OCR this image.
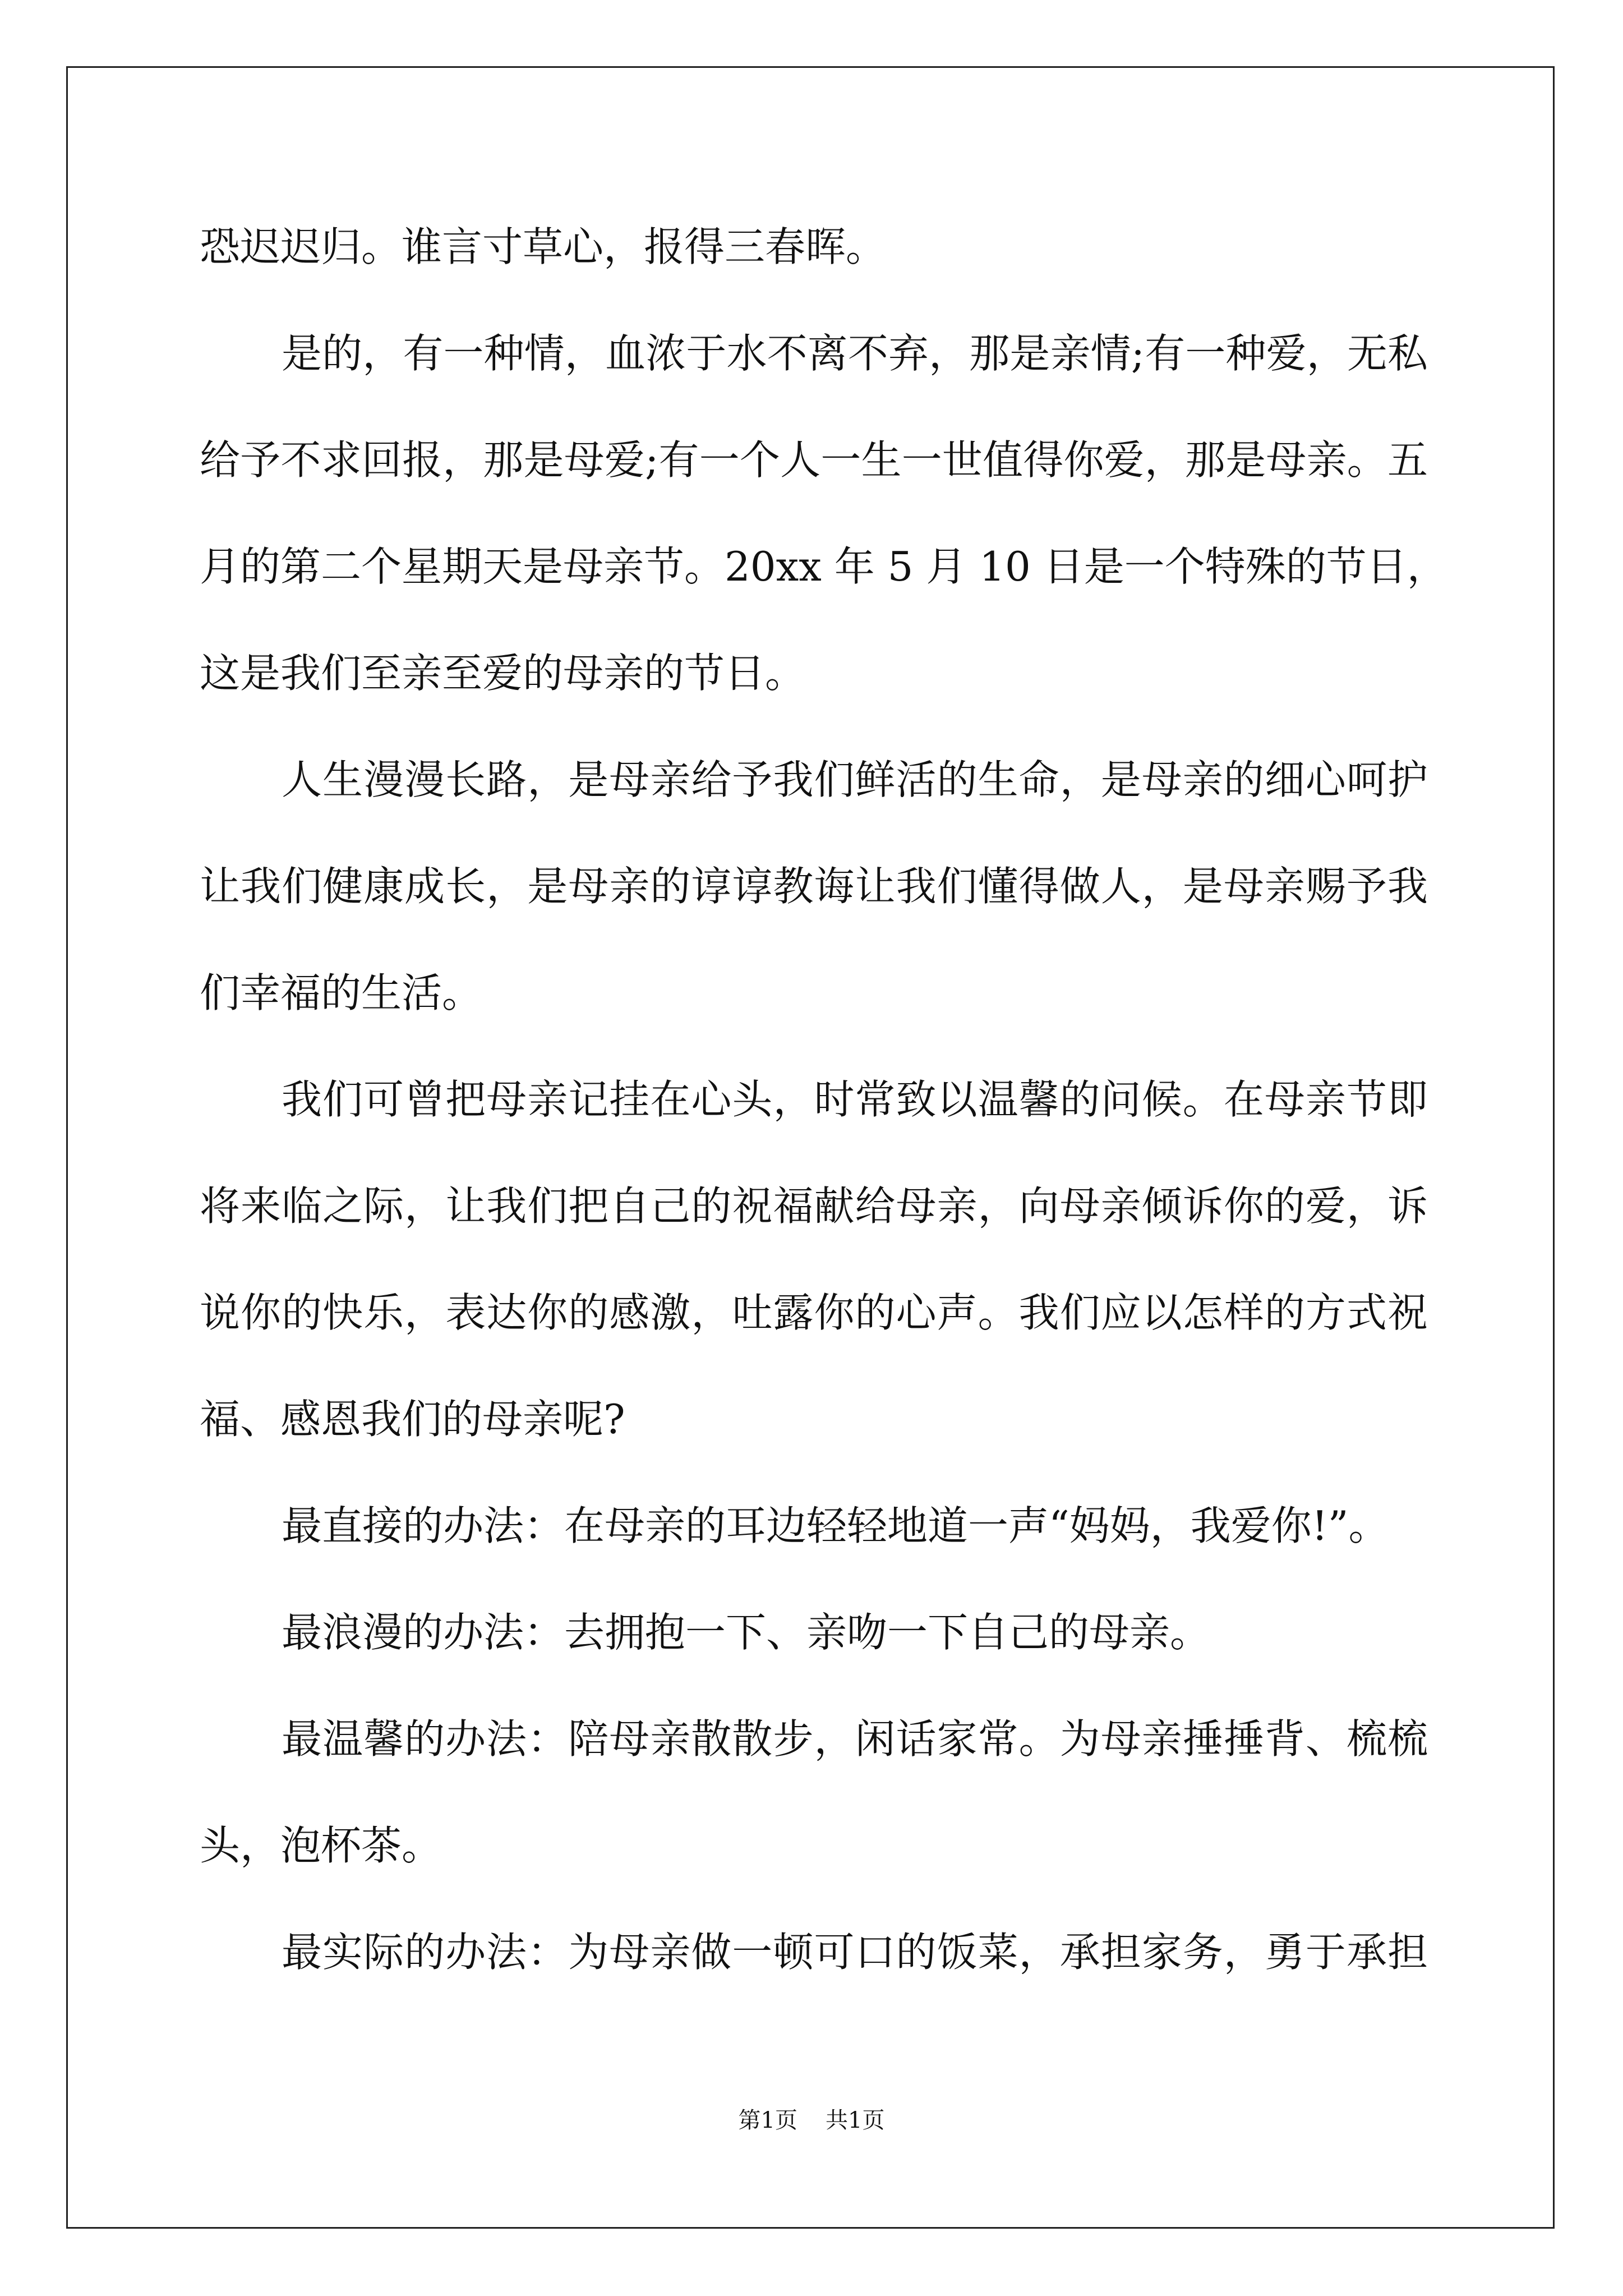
恐迟迟归。谁言寸草心，报得三春晖。

是的，有一种情，血浓于水不离不弃，那是亲情;有一种爱，无私

给予不求回报，那是母爱;有一个人一生一世值得你爱，那是母亲。五

月的第二个星期天是母亲节。20xx 年 5 月 10 日是一个特殊的节日，

这是我们至亲至爱的母亲的节日。

人生漫漫长路，是母亲给予我们鲜活的生命，是母亲的细心呵护

让我们健康成长，是母亲的谆谆教诲让我们懂得做人，是母亲赐予我

们幸福的生活。

我们可曾把母亲记挂在心头，时常致以温馨的问候。在母亲节即

将来临之际，让我们把自己的祝福献给母亲，向母亲倾诉你的爱，诉

说你的快乐，表达你的感激，吐露你的心声。我们应以怎样的方式祝

福、感恩我们的母亲呢?

最直接的办法：在母亲的耳边轻轻地道一声“妈妈，我爱你!”。

最浪漫的办法：去拥抱一下、亲吻一下自己的母亲。

最温馨的办法：陪母亲散散步，闲话家常。为母亲捶捶背、梳梳

头，泡杯茶。

最实际的办法：为母亲做一顿可口的饭菜，承担家务，勇于承担

第1页 共1页
